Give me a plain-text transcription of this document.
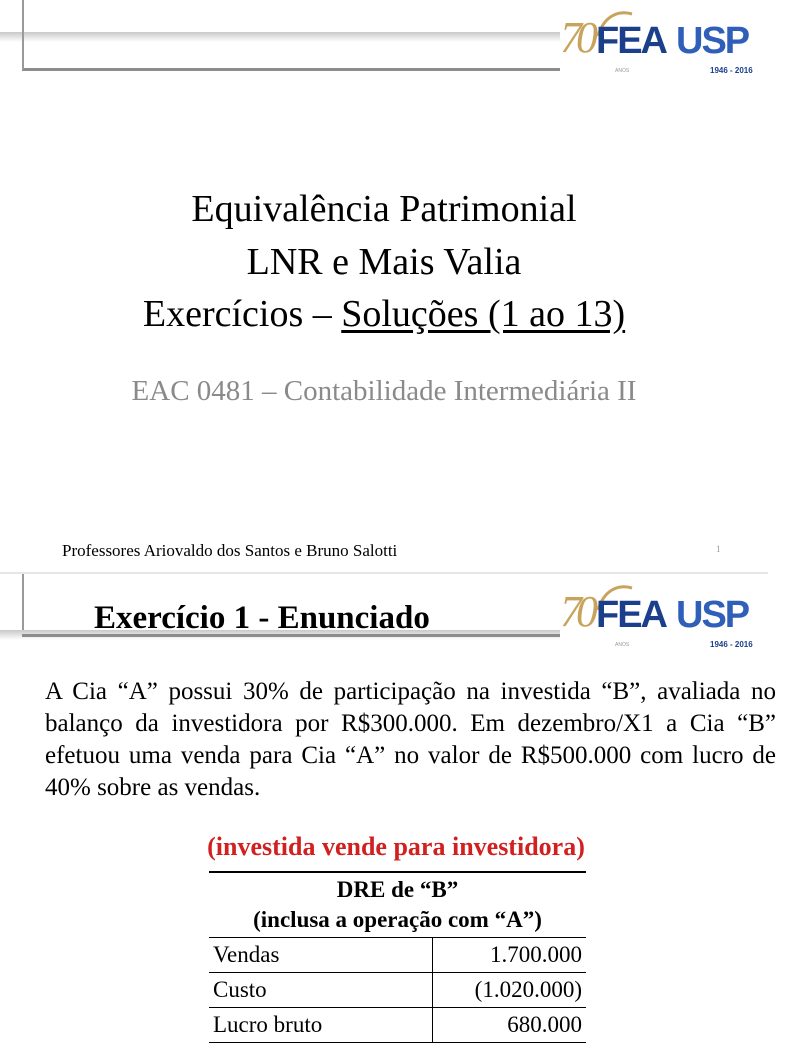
70 FEA USP
ANOS	1946 - 2016
Equivalência Patrimonial
LNR e Mais Valia
Exercícios – Soluções (1 ao 13)
EAC 0481 – Contabilidade Intermediária II
Professores Ariovaldo dos Santos e Bruno Salotti	1
70 FEA USP
ANOS	1946 - 2016
Exercício 1 - Enunciado
A Cia “A” possui 30% de participação na investida “B”, avaliada no balanço da investidora por R$300.000. Em dezembro/X1 a Cia “B” efetuou uma venda para Cia “A” no valor de R$500.000 com lucro de 40% sobre as vendas.
(investida vende para investidora)
DRE de “B”
(inclusa a operação com “A”)	

Vendas	1.700.000
Custo	(1.020.000)
Lucro bruto	680.000
